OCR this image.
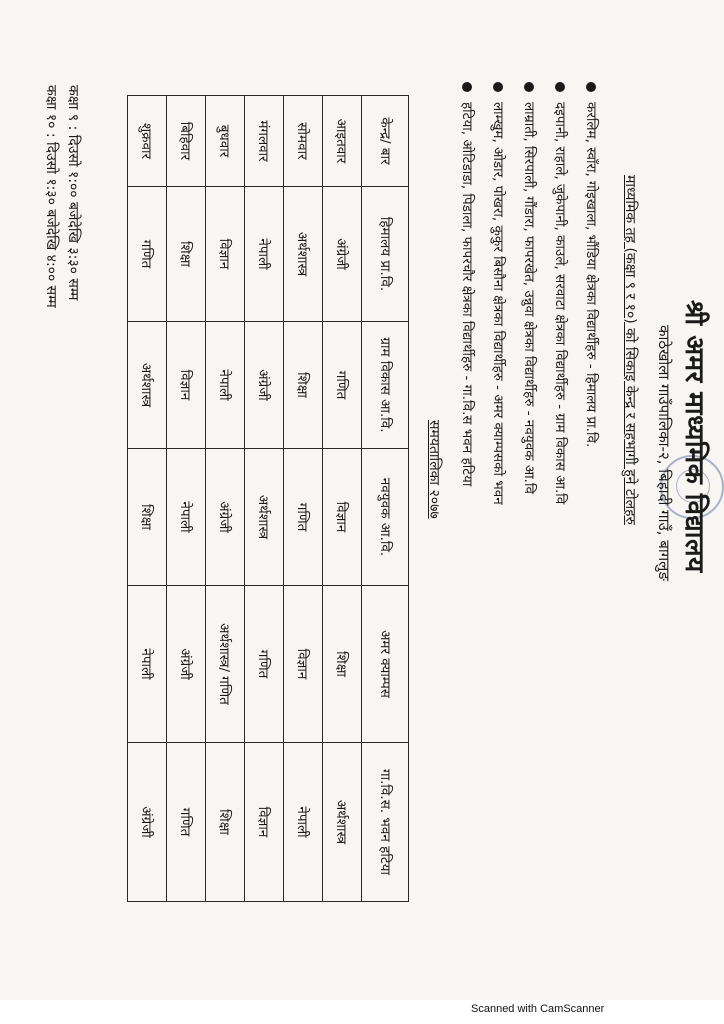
श्री अमर माध्यमिक विद्यालय
काठेखोला गाउँपालिका-२, बिहादी गाउँ, बागलुङ
माध्यमिक तह (कक्षा ९ र १०) को सिकाइ केन्द्र र सहभागी हुने टोलहरु
करलिम, स्वाँरा, गोइखाला, भौंडिया क्षेत्रका विद्यार्थीहरु - हिमालय प्रा.वि.
दइपानी, राहाले, जुकेपानी, काउले, सरवाटा क्षेत्रका विद्यार्थीहरु - ग्राम विकास आ.वि
लाम्राती, सिरपाली, गौंडारा, फापरखेत, उन्नुवा क्षेत्रका विद्यार्थीहरु - नवयुवक आ.वि
लाम्खुम, ओडार, पोखरा, कुकुर बिसौना क्षेत्रका विद्यार्थीहरु - अमर क्याम्पसको भवन
हटिया, ओटिडाडा, पिडाला, फापरचौर क्षेत्रका विद्यार्थीहरु - गा.वि.स भवन हटिया
समयतालिका २०७७
केन्द्र/ बार	हिमालय प्रा.वि.	ग्राम विकास आ.वि.	नवयुवक आ.वि.	अमर क्याम्पस	गा.वि.स. भवन हटिया
आइतवार	अंग्रेजी	गणित	विज्ञान	शिक्षा	अर्थशास्त्र
सोमवार	अर्थशास्त्र	शिक्षा	गणित	विज्ञान	नेपाली
मंगलवार	नेपाली	अंग्रेजी	अर्थशास्त्र	गणित	विज्ञान
बुधवार	विज्ञान	नेपाली	अंग्रेजी	अर्थशास्त्र/ गणित	शिक्षा
बिहिवार	शिक्षा	विज्ञान	नेपाली	अंग्रेजी	गणित
शुक्रवार	गणित	अर्थशास्त्र	शिक्षा	नेपाली	अंग्रेजी
कक्षा ९ : दिउसो १:०० बजेदेखि ३:३० सम्म
कक्षा १० : दिउसो १:३० बजेदेखि ४:०० सम्म
Scanned with CamScanner
